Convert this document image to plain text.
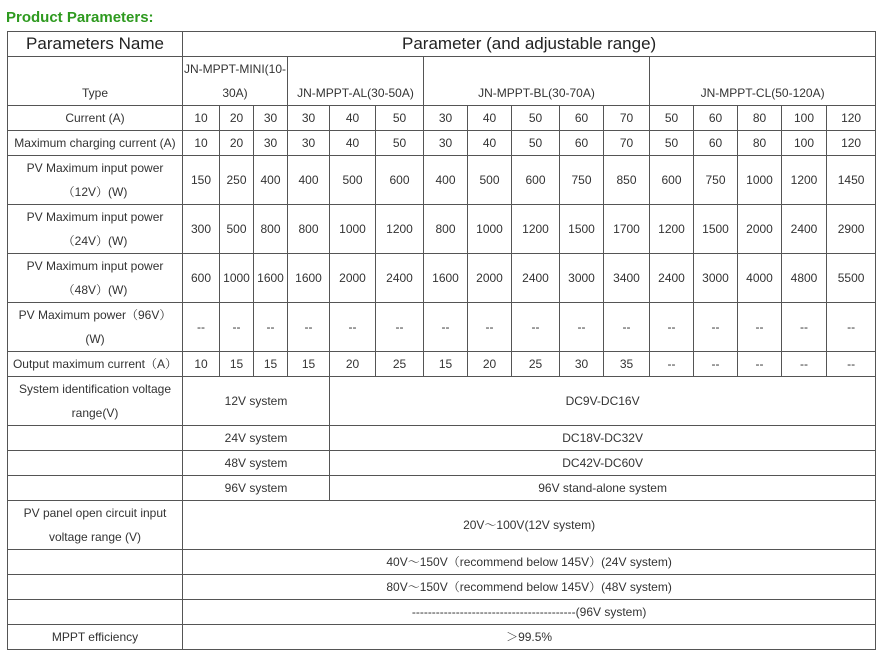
Product Parameters:
Parameters Name	Parameter (and adjustable range)															
Type	JN-MPPT-MINI(10-30A)			JN-MPPT-AL(30-50A)			JN-MPPT-BL(30-70A)					JN-MPPT-CL(50-120A)				
Current (A)	10	20	30	30	40	50	30	40	50	60	70	50	60	80	100	120
Maximum charging current (A)	10	20	30	30	40	50	30	40	50	60	70	50	60	80	100	120
PV Maximum input power（12V）(W)	150	250	400	400	500	600	400	500	600	750	850	600	750	1000	1200	1450
PV Maximum input power（24V）(W)	300	500	800	800	1000	1200	800	1000	1200	1500	1700	1200	1500	2000	2400	2900
PV Maximum input power（48V）(W)	600	1000	1600	1600	2000	2400	1600	2000	2400	3000	3400	2400	3000	4000	4800	5500
PV Maximum power（96V）(W)	--	--	--	--	--	--	--	--	--	--	--	--	--	--	--	--
Output maximum current（A）	10	15	15	15	20	25	15	20	25	30	35	--	--	--	--	--
System identification voltage range(V)	12V system				DC9V-DC16V											
	24V system				DC18V-DC32V											
	48V system				DC42V-DC60V											
	96V system				96V stand-alone system											
PV panel open circuit input voltage range (V)	20V～100V(12V system)															
	40V～150V（recommend below 145V）(24V system)															
	80V～150V（recommend below 145V）(48V system)															
	-----------------------------------------(96V system)															
MPPT efficiency	＞99.5%															
